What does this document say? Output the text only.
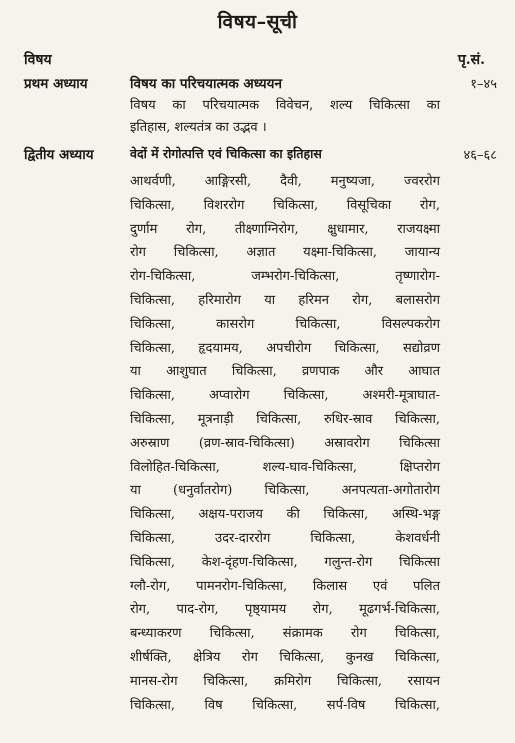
विषय–सूची
विषय	पृ.सं.
प्रथम अध्याय	विषय का परिचयात्मक अध्ययन	१–४५
विषय का परिचयात्मक विवेचन, शल्य चिकित्सा का
इतिहास, शल्यतंत्र का उद्भव ।
द्वितीय अध्याय	वेदों में रोगोत्पत्ति एवं चिकित्सा का इतिहास	४६–६८
आथर्वणी, आङ्गिरसी, दैवी, मनुष्यजा, ज्वररोग
चिकित्सा, विशररोग चिकित्सा, विसूचिका रोग,
दुर्णाम रोग, तीक्ष्णाग्निरोग, क्षुधामार, राजयक्ष्मा
रोग चिकित्सा, अज्ञात यक्ष्मा-चिकित्सा, जायान्य
रोग-चिकित्सा, जम्भरोग-चिकित्सा, तृष्णारोग-
चिकित्सा, हरिमारोग या हरिमन रोग, बलासरोग
चिकित्सा, कासरोग चिकित्सा, विसल्पकरोग
चिकित्सा, हृदयामय, अपचीरोग चिकित्सा, सद्योव्रण
या आशुघात चिकित्सा, व्रणपाक और आघात
चिकित्सा, अप्वारोग चिकित्सा, अश्मरी-मूत्राघात-
चिकित्सा, मूत्रनाड़ी चिकित्सा, रुधिर-स्राव चिकित्सा,
अरुस्राण (व्रण-स्राव-चिकित्सा) अस्रावरोग चिकित्सा
विलोहित-चिकित्सा, शल्य-घाव-चिकित्सा, क्षिप्तरोग
या (धनुर्वातरोग) चिकित्सा, अनपत्यता-अगोतारोग
चिकित्सा, अक्षय-पराजय की चिकित्सा, अस्थि-भङ्ग
चिकित्सा, उदर-दाररोग चिकित्सा, केशवर्धनी
चिकित्सा, केश-दृंहण-चिकित्सा, गलुन्त-रोग चिकित्सा
ग्लौ-रोग, पामनरोग-चिकित्सा, किलास एवं पलित
रोग, पाद-रोग, पृष्ठ्यामय रोग, मूढगर्भ-चिकित्सा,
बन्ध्याकरण चिकित्सा, संक्रामक रोग चिकित्सा,
शीर्षक्ति, क्षेत्रिय रोग चिकित्सा, कुनख चिकित्सा,
मानस-रोग चिकित्सा, क्रमिरोग चिकित्सा, रसायन
चिकित्सा, विष चिकित्सा, सर्प-विष चिकित्सा,
